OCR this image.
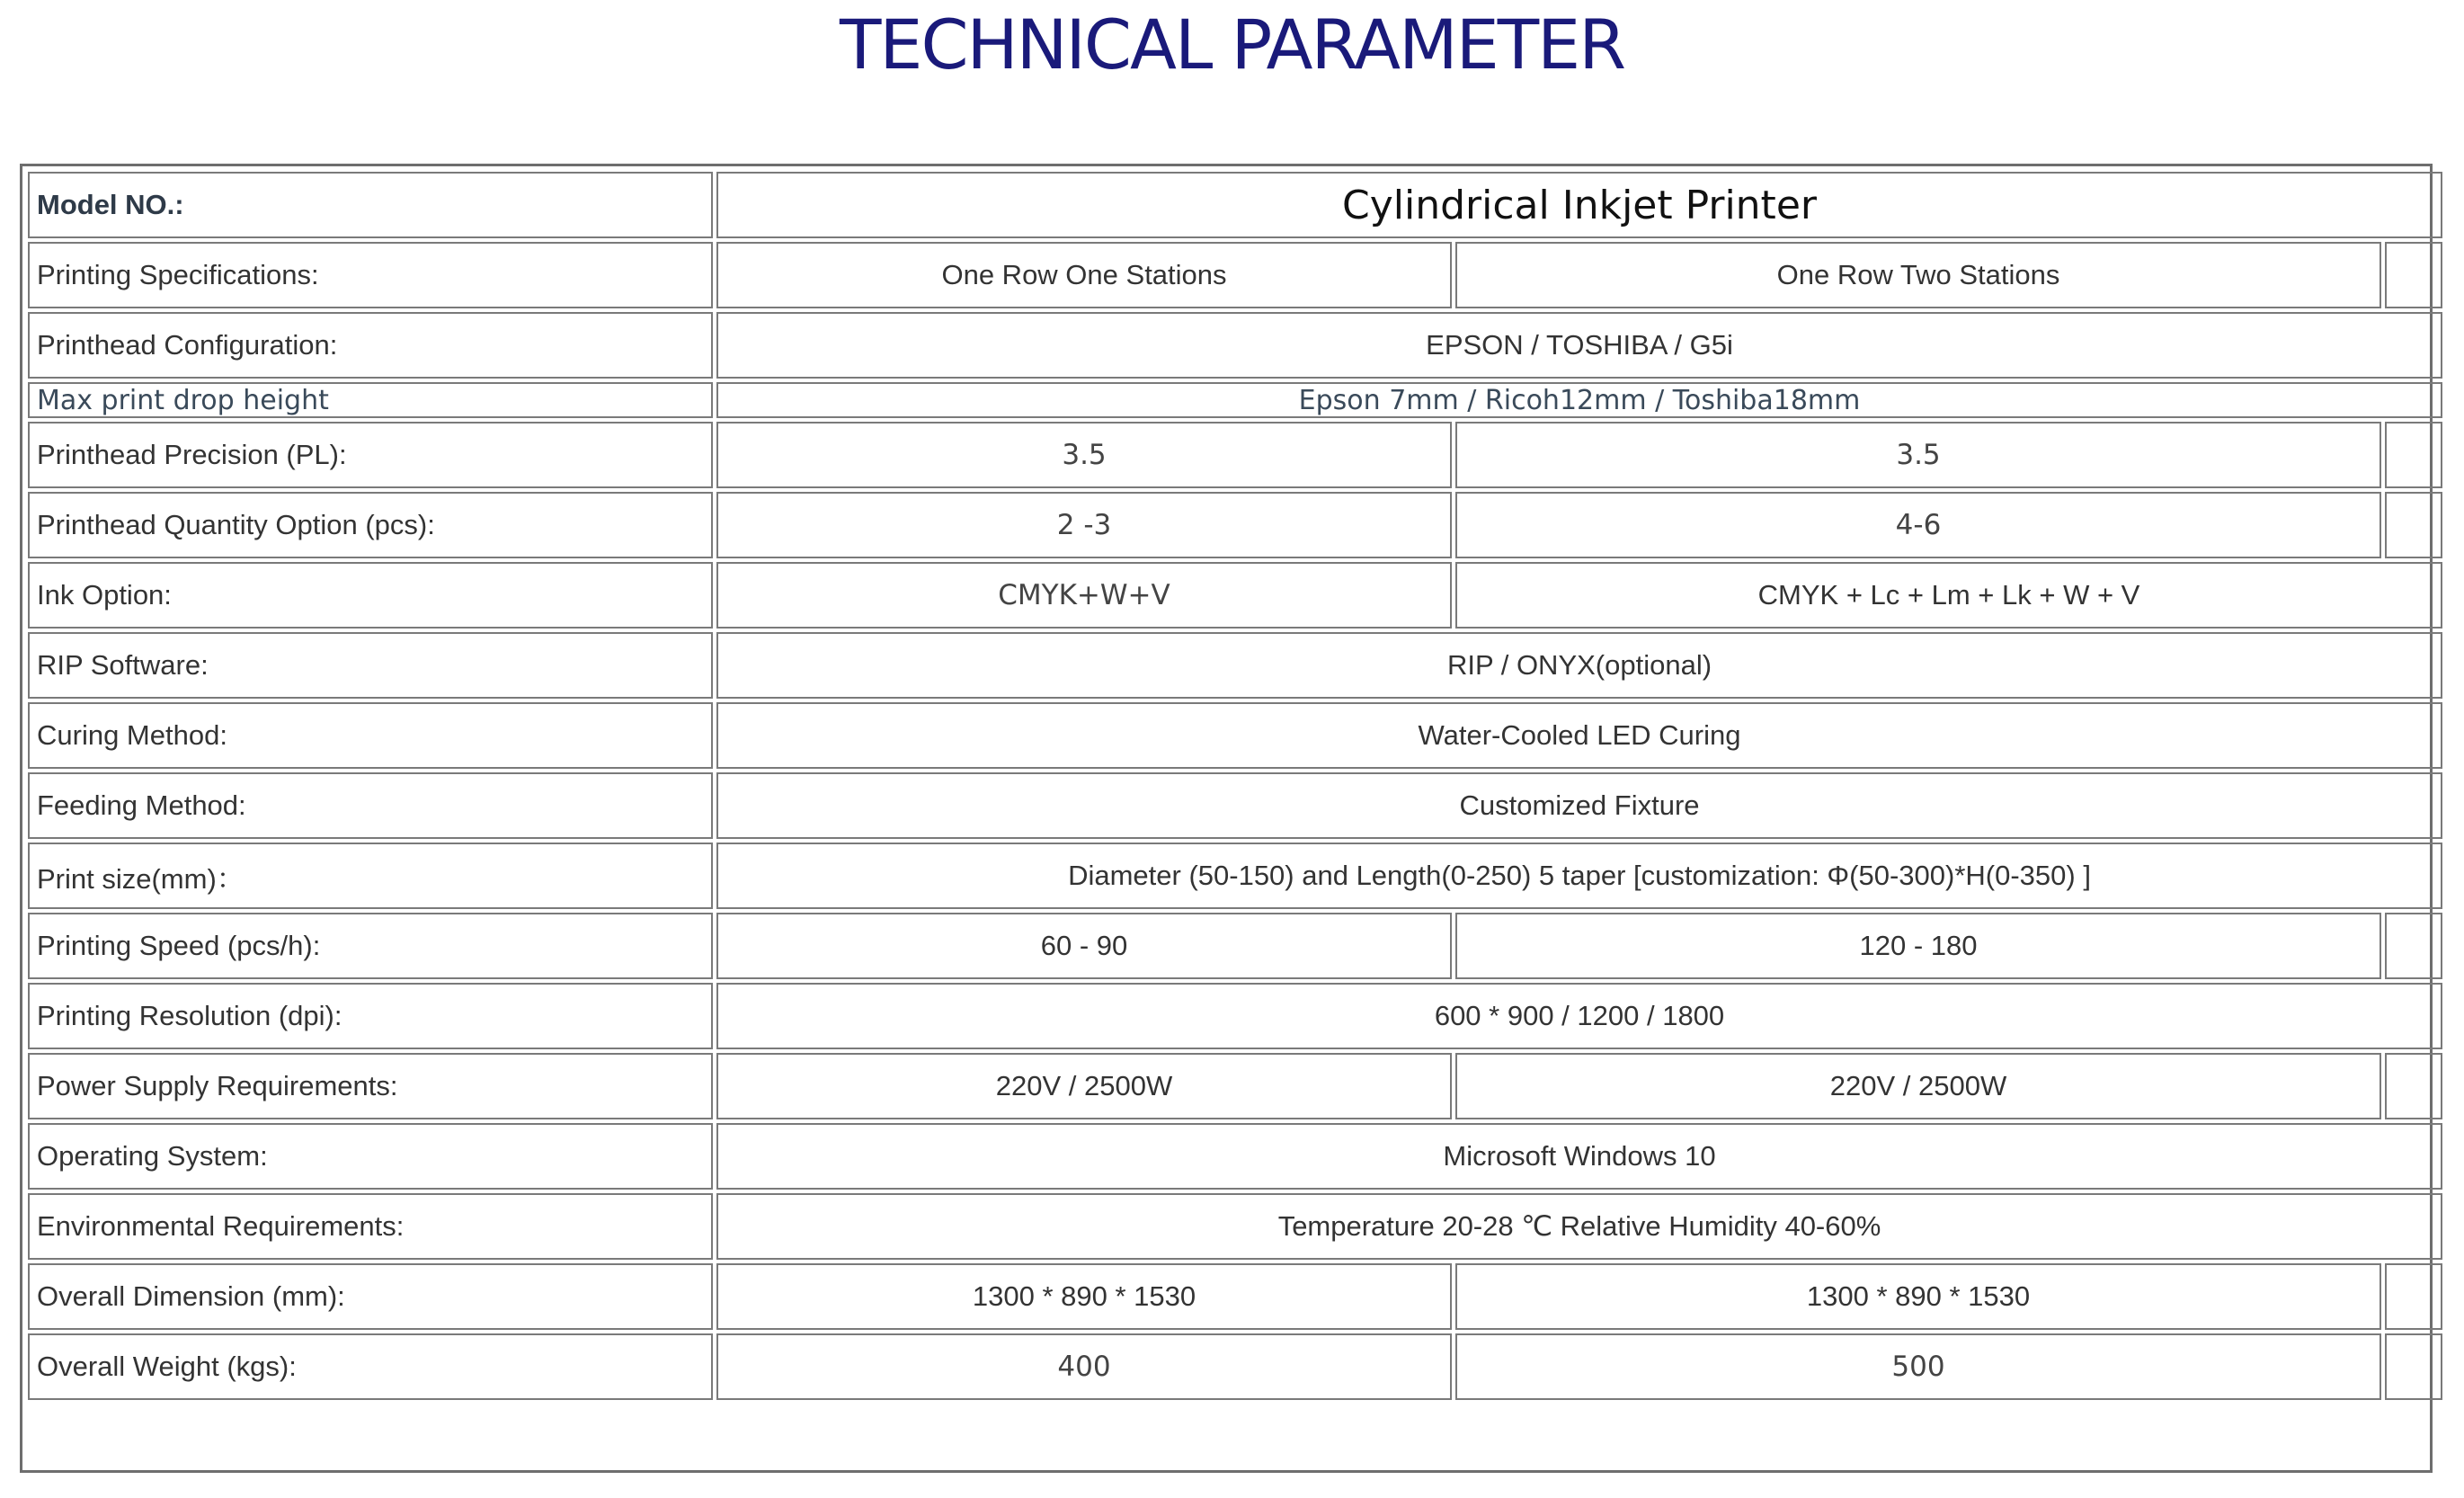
TECHNICAL PARAMETER
Model NO.:	Cylindrical Inkjet Printer		
Printing Specifications:	One Row One Stations	One Row Two Stations	
Printhead Configuration:	EPSON / TOSHIBA / G5i		
Max print drop height	Epson 7mm / Ricoh12mm / Toshiba18mm		
Printhead Precision (PL):	3.5	3.5	
Printhead Quantity Option (pcs):	2 -3	4-6	
Ink Option:	CMYK+W+V	CMYK + Lc + Lm + Lk + W + V	
RIP Software:	RIP / ONYX(optional)		
Curing Method:	Water-Cooled LED Curing		
Feeding Method:	Customized Fixture		
Print size(mm)：	Diameter (50-150) and Length(0-250) 5 taper [customization: Φ(50-300)*H(0-350) ]		
Printing Speed (pcs/h):	60 - 90	120 - 180	
Printing Resolution (dpi):	600 * 900 / 1200 / 1800		
Power Supply Requirements:	220V / 2500W	220V / 2500W	
Operating System:	Microsoft Windows 10		
Environmental Requirements:	Temperature 20-28 ℃ Relative Humidity 40-60%		
Overall Dimension (mm):	1300 * 890 * 1530	1300 * 890 * 1530	
Overall Weight (kgs):	400	500	
